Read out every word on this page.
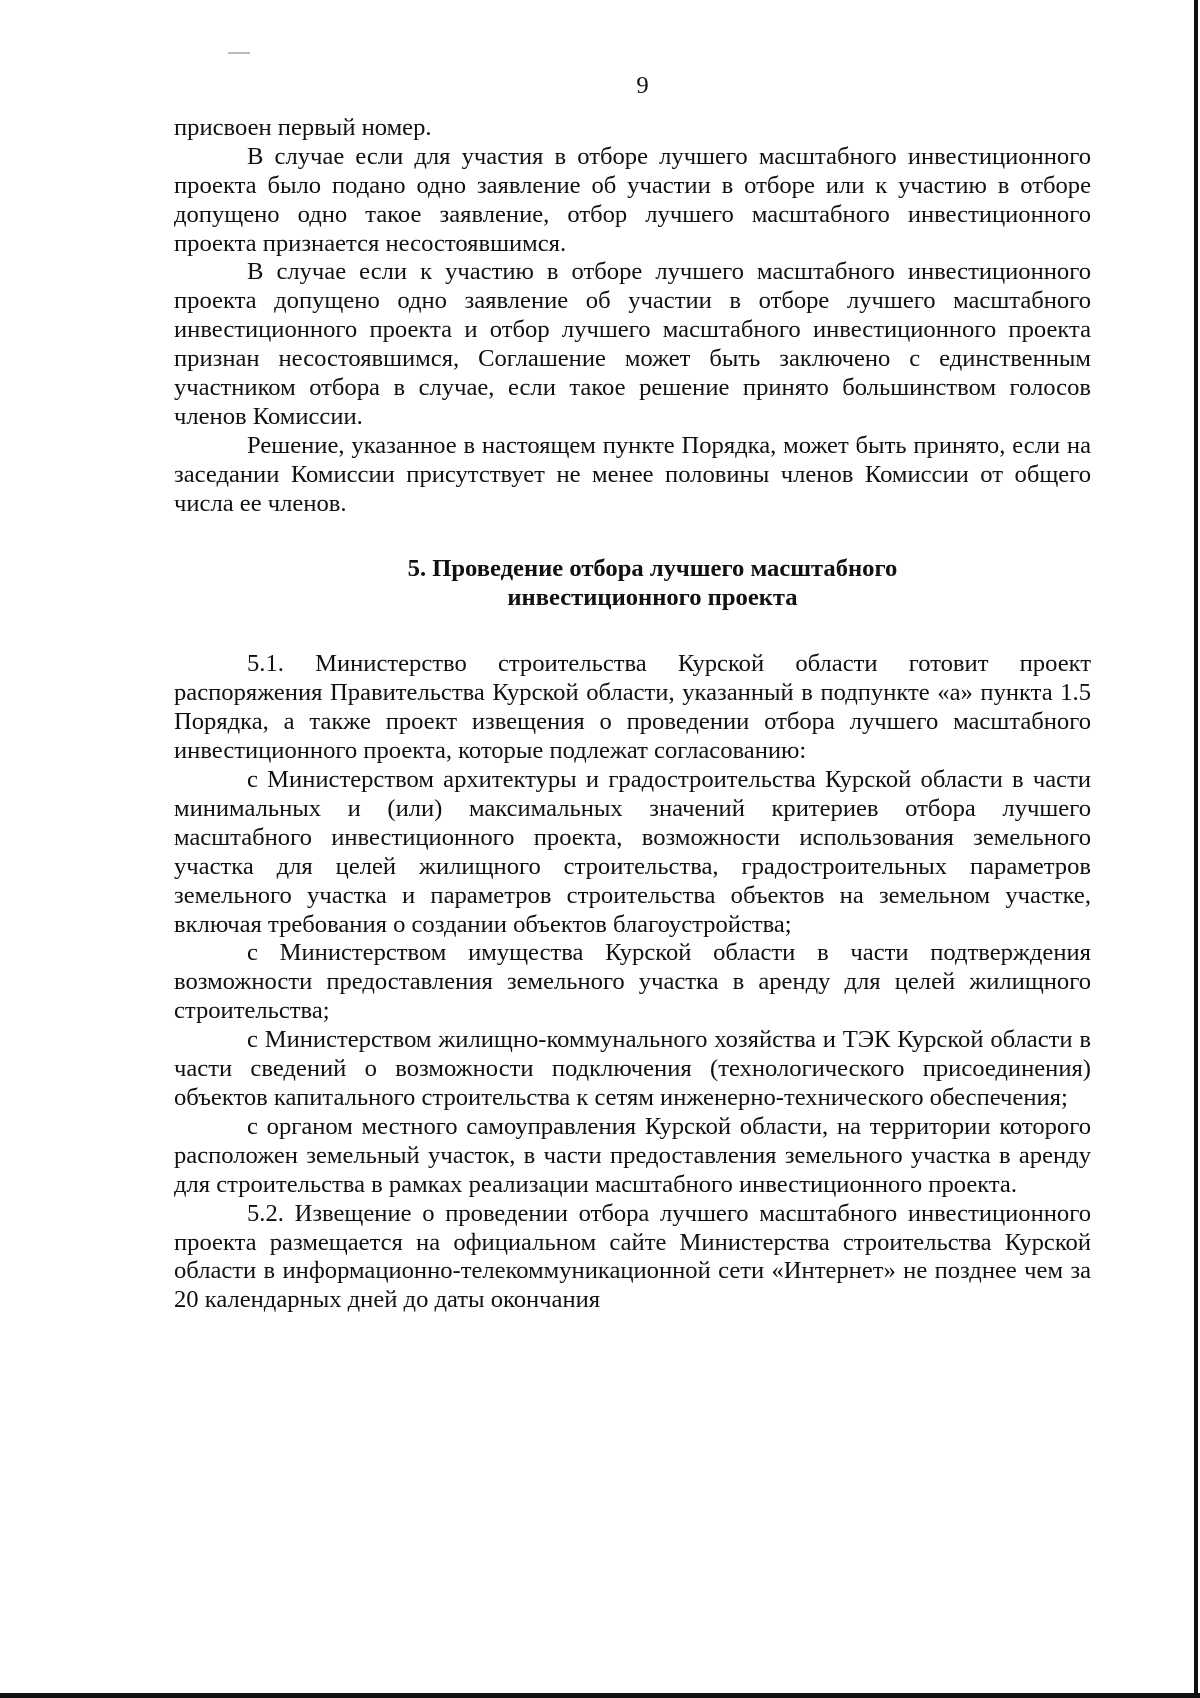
9

присвоен первый номер.

В случае если для участия в отборе лучшего масштабного инвестиционного проекта было подано одно заявление об участии в отборе или к участию в отборе допущено одно такое заявление, отбор лучшего масштабного инвестиционного проекта признается несостоявшимся.

В случае если к участию в отборе лучшего масштабного инвестиционного проекта допущено одно заявление об участии в отборе лучшего масштабного инвестиционного проекта и отбор лучшего масштабного инвестиционного проекта признан несостоявшимся, Соглашение может быть заключено с единственным участником отбора в случае, если такое решение принято большинством голосов членов Комиссии.

Решение, указанное в настоящем пункте Порядка, может быть принято, если на заседании Комиссии присутствует не менее половины членов Комиссии от общего числа ее членов.

5. Проведение отбора лучшего масштабного
инвестиционного проекта

5.1. Министерство строительства Курской области готовит проект распоряжения Правительства Курской области, указанный в подпункте «а» пункта 1.5 Порядка, а также проект извещения о проведении отбора лучшего масштабного инвестиционного проекта, которые подлежат согласованию:

с Министерством архитектуры и градостроительства Курской области в части минимальных и (или) максимальных значений критериев отбора лучшего масштабного инвестиционного проекта, возможности использования земельного участка для целей жилищного строительства, градостроительных параметров земельного участка и параметров строительства объектов на земельном участке, включая требования о создании объектов благоустройства;

с Министерством имущества Курской области в части подтверждения возможности предоставления земельного участка в аренду для целей жилищного строительства;

с Министерством жилищно-коммунального хозяйства и ТЭК Курской области в части сведений о возможности подключения (технологического присоединения) объектов капитального строительства к сетям инженерно-технического обеспечения;

с органом местного самоуправления Курской области, на территории которого расположен земельный участок, в части предоставления земельного участка в аренду для строительства в рамках реализации масштабного инвестиционного проекта.

5.2. Извещение о проведении отбора лучшего масштабного инвестиционного проекта размещается на официальном сайте Министерства строительства Курской области в информационно-телекоммуникационной сети «Интернет» не позднее чем за 20 календарных дней до даты окончания
